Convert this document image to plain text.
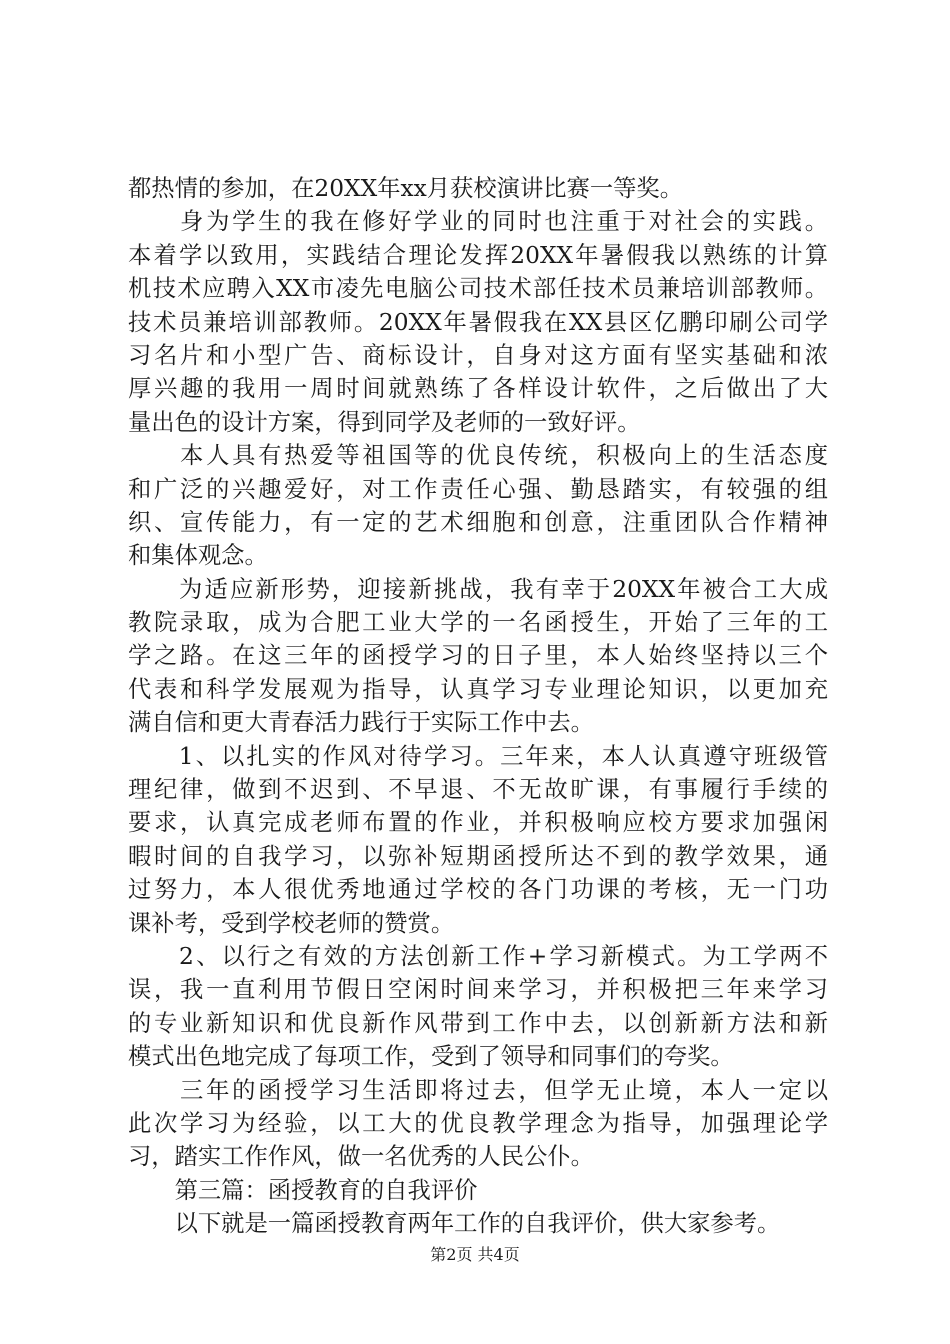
都热情的参加，在20XX年xx月获校演讲比赛一等奖。
　　身为学生的我在修好学业的同时也注重于对社会的实践。
本着学以致用，实践结合理论发挥20XX年暑假我以熟练的计算
机技术应聘入XX市凌先电脑公司技术部任技术员兼培训部教师。
技术员兼培训部教师。20XX年暑假我在XX县区亿鹏印刷公司学
习名片和小型广告、商标设计，自身对这方面有坚实基础和浓
厚兴趣的我用一周时间就熟练了各样设计软件，之后做出了大
量出色的设计方案，得到同学及老师的一致好评。
　　本人具有热爱等祖国等的优良传统，积极向上的生活态度
和广泛的兴趣爱好，对工作责任心强、勤恳踏实，有较强的组
织、宣传能力，有一定的艺术细胞和创意，注重团队合作精神
和集体观念。
　　为适应新形势，迎接新挑战，我有幸于20XX年被合工大成
教院录取，成为合肥工业大学的一名函授生，开始了三年的工
学之路。在这三年的函授学习的日子里，本人始终坚持以三个
代表和科学发展观为指导，认真学习专业理论知识，以更加充
满自信和更大青春活力践行于实际工作中去。
　　1、以扎实的作风对待学习。三年来，本人认真遵守班级管
理纪律，做到不迟到、不早退、不无故旷课，有事履行手续的
要求，认真完成老师布置的作业，并积极响应校方要求加强闲
暇时间的自我学习，以弥补短期函授所达不到的教学效果，通
过努力，本人很优秀地通过学校的各门功课的考核，无一门功
课补考，受到学校老师的赞赏。
　　2、以行之有效的方法创新工作+学习新模式。为工学两不
误，我一直利用节假日空闲时间来学习，并积极把三年来学习
的专业新知识和优良新作风带到工作中去，以创新新方法和新
模式出色地完成了每项工作，受到了领导和同事们的夸奖。
　　三年的函授学习生活即将过去，但学无止境，本人一定以
此次学习为经验，以工大的优良教学理念为指导，加强理论学
习，踏实工作作风，做一名优秀的人民公仆。
　　第三篇：函授教育的自我评价
　　以下就是一篇函授教育两年工作的自我评价，供大家参考。
第2页 共4页
